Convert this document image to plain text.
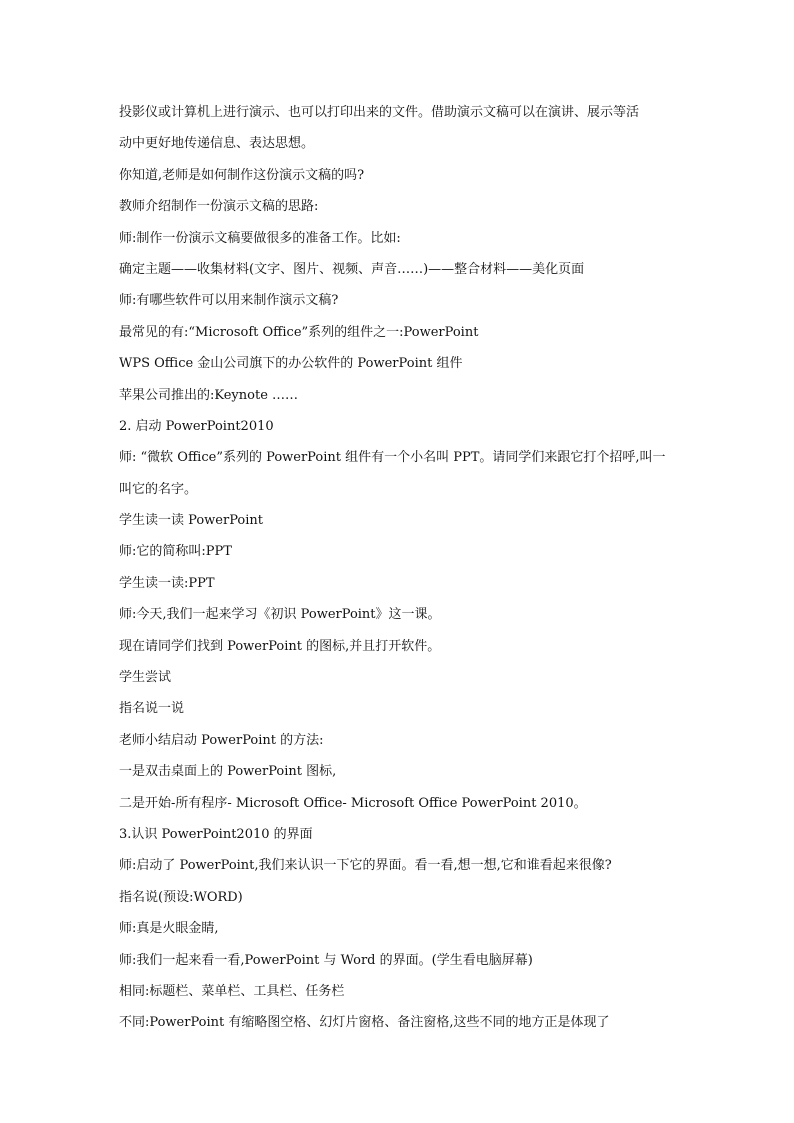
投影仪或计算机上进行演示、也可以打印出来的文件。借助演示文稿可以在演讲、展示等活
动中更好地传递信息、表达思想。
你知道,老师是如何制作这份演示文稿的吗?
教师介绍制作一份演示文稿的思路:
师:制作一份演示文稿要做很多的准备工作。比如:
确定主题——收集材料(文字、图片、视频、声音……)——整合材料——美化页面
师:有哪些软件可以用来制作演示文稿?
最常见的有:“Microsoft Office”系列的组件之一:PowerPoint
WPS Office 金山公司旗下的办公软件的 PowerPoint 组件
苹果公司推出的:Keynote ……
2. 启动 PowerPoint2010
师: “微软 Office”系列的 PowerPoint 组件有一个小名叫 PPT。请同学们来跟它打个招呼,叫一
叫它的名字。
学生读一读 PowerPoint
师:它的简称叫:PPT
学生读一读:PPT
师:今天,我们一起来学习《初识 PowerPoint》这一课。
现在请同学们找到 PowerPoint 的图标,并且打开软件。
学生尝试
指名说一说
老师小结启动 PowerPoint 的方法:
一是双击桌面上的 PowerPoint 图标,
二是开始-所有程序- Microsoft Office- Microsoft Office PowerPoint 2010。
3.认识 PowerPoint2010 的界面
师:启动了 PowerPoint,我们来认识一下它的界面。看一看,想一想,它和谁看起来很像?
指名说(预设:WORD)
师:真是火眼金睛,
师:我们一起来看一看,PowerPoint 与 Word 的界面。(学生看电脑屏幕)
相同:标题栏、菜单栏、工具栏、任务栏
不同:PowerPoint 有缩略图空格、幻灯片窗格、备注窗格,这些不同的地方正是体现了
